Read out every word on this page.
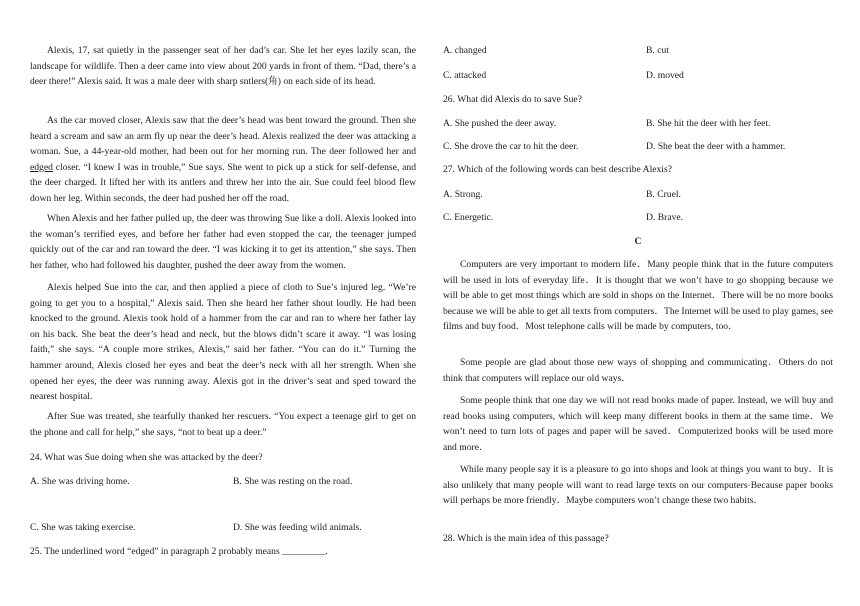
Alexis, 17, sat quietly in the passenger seat of her dad’s car. She let her eyes lazily scan, the landscape for wildlife. Then a deer came into view about 200 yards in front of them. “Dad, there’s a deer there!” Alexis said. It was a male deer with sharp sntlers(角) on each side of its head.

As the car moved closer, Alexis saw that the deer’s head was bent toward the ground. Then she heard a scream and saw an arm fly up near the deer’s head. Alexis realized the deer was attacking a woman. Sue, a 44-year-old mother, had been out for her morning run. The deer followed her and edged closer. “I knew I was in trouble,” Sue says. She went to pick up a stick for self-defense, and the deer charged. It lifted her with its antlers and threw her into the air. Sue could feel blood flew down her leg. Within seconds, the deer had pushed her off the road.

When Alexis and her father pulled up, the deer was throwing Sue like a doll. Alexis looked into the woman’s terrified eyes, and before her father had even stopped the car, the teenager jumped quickly out of the car and ran toward the deer. “I was kicking it to get its attention,” she says. Then her father, who had followed his daughter, pushed the deer away from the women.

Alexis helped Sue into the car, and then applied a piece of cloth to Sue’s injured leg. “We’re going to get you to a hospital,” Alexis said. Then she heard her father shout loudly. He had been knocked to the ground. Alexis took hold of a hammer from the car and ran to where her father lay on his back. She beat the deer’s head and neck, but the blows didn’t scare it away. “I was losing faith,” she says. “A couple more strikes, Alexis,” said her father. “You can do it.” Turning the hammer around, Alexis closed her eyes and beat the deer’s neck with all her strength. When she opened her eyes, the deer was running away. Alexis got in the driver’s seat and sped toward the nearest hospital.

After Sue was treated, she tearfully thanked her rescuers. “You expect a teenage girl to get on the phone and call for help,” she says, “not to beat up a deer.”

24. What was Sue doing when she was attacked by the deer?

A. She was driving home.	B. She was resting on the road.

C. She was taking exercise.	D. She was feeding wild animals.

25. The underlined word “edged” in paragraph 2 probably means _________.

A. changed	B. cut

C. attacked	D. moved

26. What did Alexis do to save Sue?

A. She pushed the deer away.	B. She hit the deer with her feet.

C. She drove the car to hit the deer.	D. She beat the deer with a hammer.

27. Which of the following words can best describe Alexis?

A. Strong.	B. Cruel.

C. Energetic.	D. Brave.

C

Computers are very important to modern life．Many people think that in the future computers will be used in lots of everyday life．It is thought that we won’t have to go shopping because we will be able to get most things which are sold in shops on the Internet．There will be no more books because we will be able to get all texts from computers．The Internet will be used to play games, see films and buy food．Most telephone calls will be made by computers, too．

Some people are glad about those new ways of shopping and communicating．Others do not think that computers will replace our old ways．

Some people think that one day we will not read books made of paper. Instead, we will buy and read books using computers, which will keep many different books in them at the same time．We won’t need to turn lots of pages and paper will be saved．Computerized books will be used more and more．

While many people say it is a pleasure to go into shops and look at things you want to buy．It is also unlikely that many people will want to read large texts on our computers·Because paper books will perhaps be more friendly．Maybe computers won’t change these two habits．

28. Which is the main idea of this passage?
